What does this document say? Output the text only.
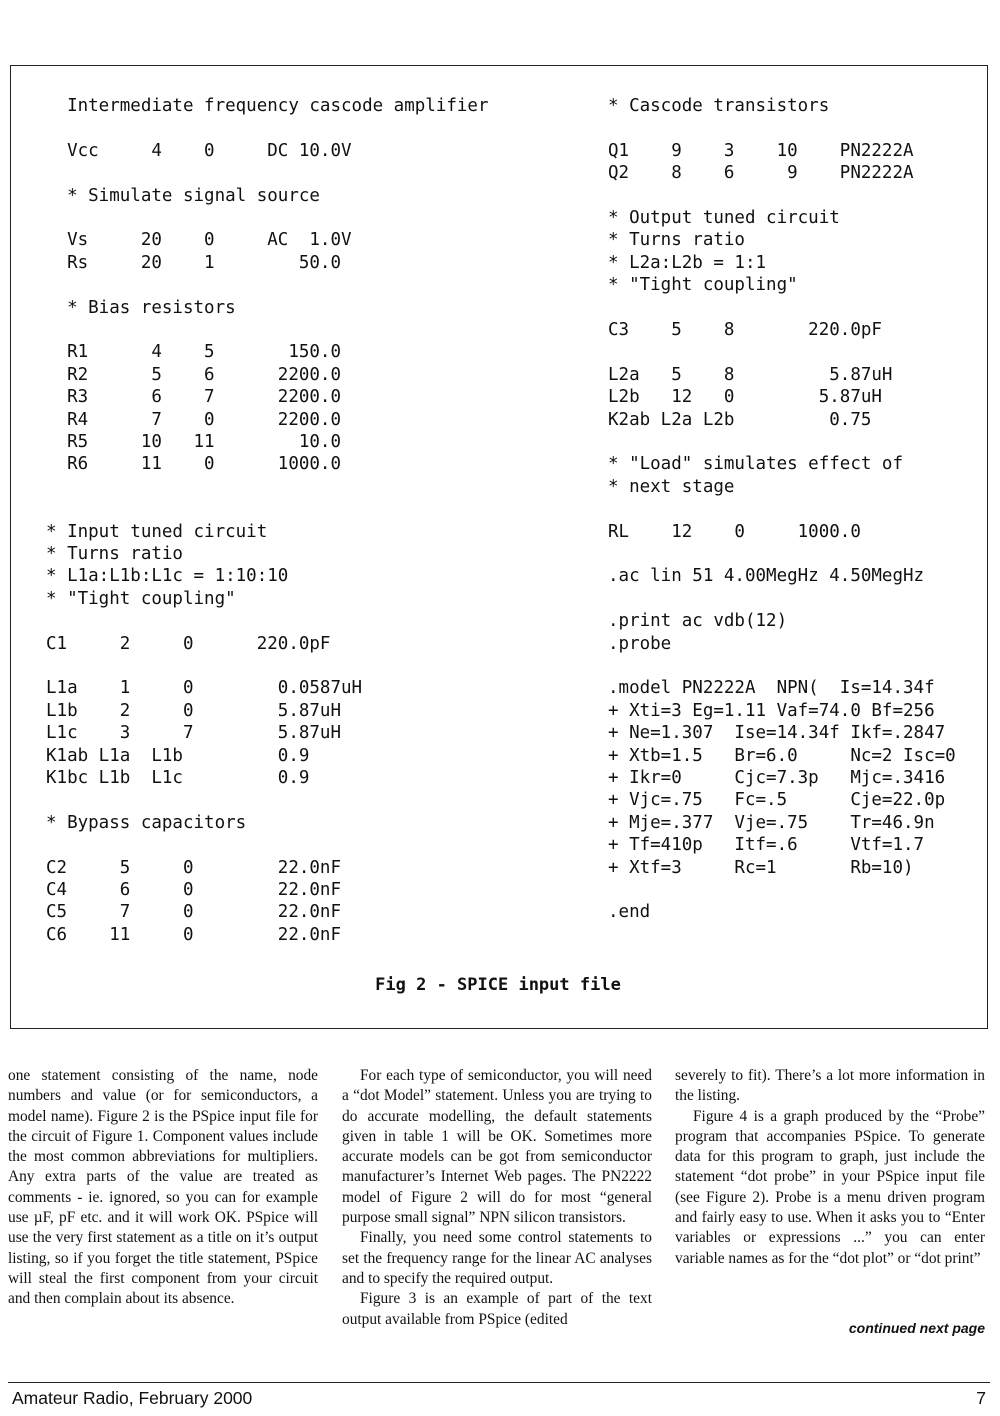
Intermediate frequency cascode amplifier
Vcc     4    0     DC 10.0V
* Simulate signal source
Vs     20    0     AC  1.0V
Rs     20    1        50.0
* Bias resistors
R1      4    5       150.0
R2      5    6      2200.0
R3      6    7      2200.0
R4      7    0      2200.0
R5     10   11        10.0
R6     11    0      1000.0
* Input tuned circuit
* Turns ratio
* L1a:L1b:L1c = 1:10:10
* "Tight coupling"
C1     2     0      220.0pF
L1a    1     0        0.0587uH
L1b    2     0        5.87uH
L1c    3     7        5.87uH
K1ab L1a  L1b         0.9
K1bc L1b  L1c         0.9
* Bypass capacitors
C2     5     0        22.0nF
C4     6     0        22.0nF
C5     7     0        22.0nF
C6    11     0        22.0nF
* Cascode transistors
Q1    9    3    10    PN2222A
Q2    8    6     9    PN2222A
* Output tuned circuit
* Turns ratio
* L2a:L2b = 1:1
* "Tight coupling"
C3    5    8       220.0pF
L2a   5    8         5.87uH
L2b   12   0        5.87uH
K2ab L2a L2b         0.75
* "Load" simulates effect of
* next stage
RL    12    0     1000.0
.ac lin 51 4.00MegHz 4.50MegHz
.print ac vdb(12)
.probe
.model PN2222A  NPN(  Is=14.34f
+ Xti=3 Eg=1.11 Vaf=74.0 Bf=256
+ Ne=1.307  Ise=14.34f Ikf=.2847
+ Xtb=1.5   Br=6.0     Nc=2 Isc=0
+ Ikr=0     Cjc=7.3p   Mjc=.3416
+ Vjc=.75   Fc=.5      Cje=22.0p
+ Mje=.377  Vje=.75    Tr=46.9n
+ Tf=410p   Itf=.6     Vtf=1.7
+ Xtf=3     Rc=1       Rb=10)
.end
Fig 2 - SPICE input file

one statement consisting of the name, node numbers and value (or for semiconductors, a model name). Figure 2 is the PSpice input file for the circuit of Figure 1. Component values include the most common abbreviations for multipliers. Any extra parts of the value are treated as comments - ie. ignored, so you can for example use µF, pF etc. and it will work OK. PSpice will use the very first statement as a title on it’s output listing, so if you forget the title statement, PSpice will steal the first component from your circuit and then complain about its absence.

For each type of semiconductor, you will need a “dot Model” statement. Unless you are trying to do accurate modelling, the default statements given in table 1 will be OK. Sometimes more accurate models can be got from semiconductor manufacturer’s Internet Web pages. The PN2222 model of Figure 2 will do for most “general purpose small signal” NPN silicon transistors.

Finally, you need some control statements to set the frequency range for the linear AC analyses and to specify the required output.

Figure 3 is an example of part of the text output available from PSpice (edited

severely to fit). There’s a lot more information in the listing.

Figure 4 is a graph produced by the “Probe” program that accompanies PSpice. To generate data for this program to graph, just include the statement “dot probe” in your PSpice input file (see Figure 2). Probe is a menu driven program and fairly easy to use. When it asks you to “Enter variables or expressions ...” you can enter variable names as for the “dot plot” or “dot print”

continued next page
Amateur Radio, February 2000	7
